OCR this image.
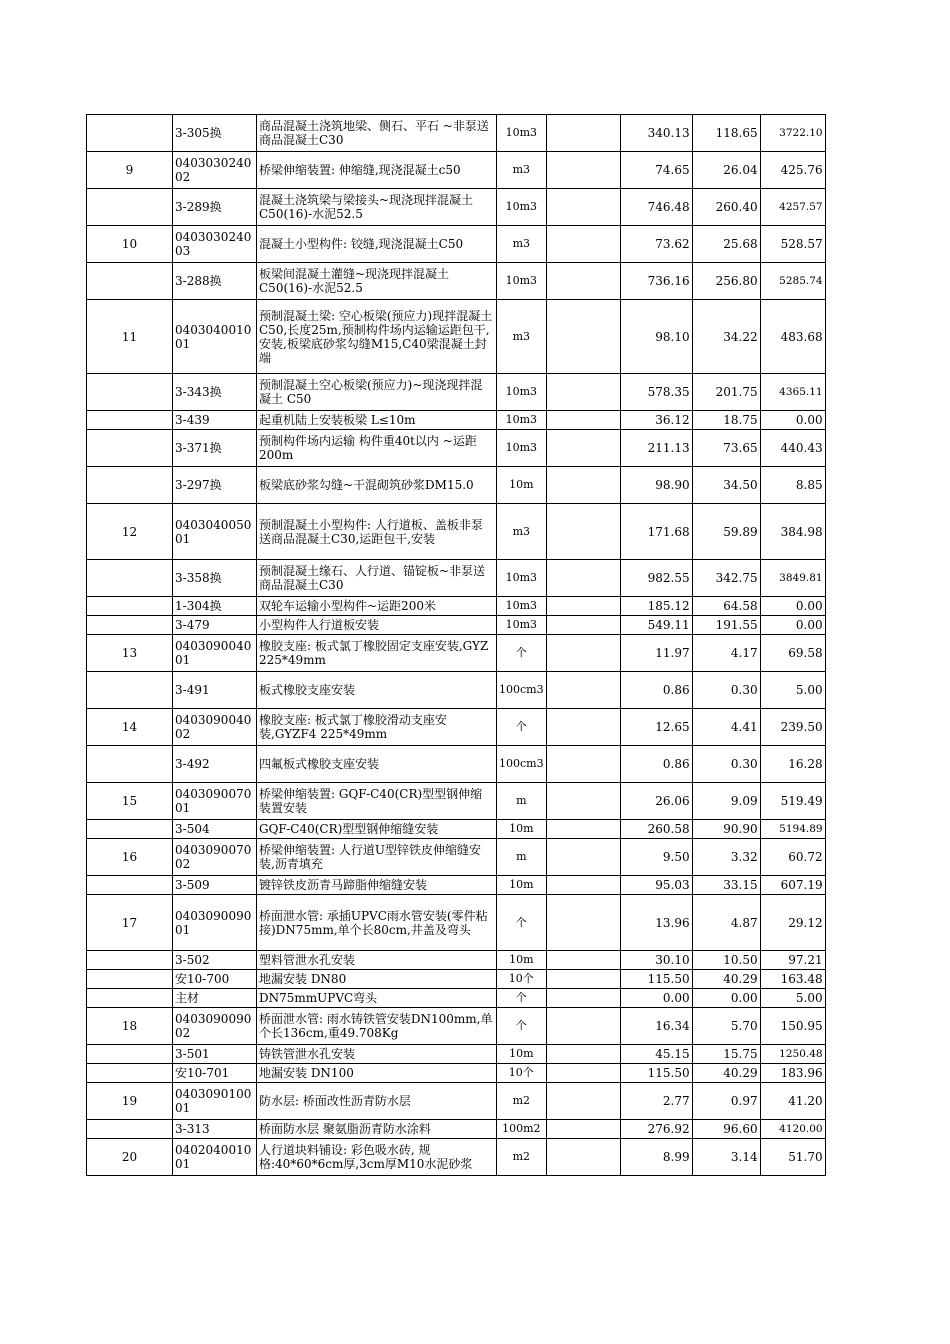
	3-305换	商品混凝土浇筑地梁、侧石、平石 ~非泵送商品混凝土C30	10m3		340.13	118.65	3722.10

9	040303024002	桥梁伸缩装置: 伸缩缝,现浇混凝土c50	m3		74.65	26.04	425.76

	3-289换	混凝土浇筑梁与梁接头~现浇现拌混凝土 C50(16)-水泥52.5	10m3		746.48	260.40	4257.57

10	040303024003	混凝土小型构件: 铰缝,现浇混凝土C50	m3		73.62	25.68	528.57

	3-288换	板梁间混凝土灌缝~现浇现拌混凝土C50(16)-水泥52.5	10m3		736.16	256.80	5285.74

11	040304001001	预制混凝土梁: 空心板梁(预应力)现拌混凝土C50,长度25m,预制构件场内运输运距包干,安装,板梁底砂浆勾缝M15,C40梁混凝土封端	m3		98.10	34.22	483.68

	3-343换	预制混凝土空心板梁(预应力)~现浇现拌混凝土 C50	10m3		578.35	201.75	4365.11

	3-439	起重机陆上安装板梁 L≤10m	10m3		36.12	18.75	0.00

	3-371换	预制构件场内运输 构件重40t以内 ~运距200m	10m3		211.13	73.65	440.43

	3-297换	板梁底砂浆勾缝~干混砌筑砂浆DM15.0	10m		98.90	34.50	8.85

12	040304005001	预制混凝土小型构件: 人行道板、盖板非泵送商品混凝土C30,运距包干,安装	m3		171.68	59.89	384.98

	3-358换	预制混凝土缘石、人行道、锚锭板~非泵送商品混凝土C30	10m3		982.55	342.75	3849.81

	1-304换	双轮车运输小型构件~运距200米	10m3		185.12	64.58	0.00

	3-479	小型构件人行道板安装	10m3		549.11	191.55	0.00

13	040309004001	橡胶支座: 板式氯丁橡胶固定支座安装,GYZ 225*49mm	个		11.97	4.17	69.58

	3-491	板式橡胶支座安装	100cm3		0.86	0.30	5.00

14	040309004002	橡胶支座: 板式氯丁橡胶滑动支座安装,GYZF4 225*49mm	个		12.65	4.41	239.50

	3-492	四氟板式橡胶支座安装	100cm3		0.86	0.30	16.28

15	040309007001	桥梁伸缩装置: GQF-C40(CR)型型钢伸缩装置安装	m		26.06	9.09	519.49

	3-504	GQF-C40(CR)型型钢伸缩缝安装	10m		260.58	90.90	5194.89

16	040309007002	桥梁伸缩装置: 人行道U型锌铁皮伸缩缝安装,沥青填充	m		9.50	3.32	60.72

	3-509	镀锌铁皮沥青马蹄脂伸缩缝安装	10m		95.03	33.15	607.19

17	040309009001	桥面泄水管: 承插UPVC雨水管安装(零件粘接)DN75mm,单个长80cm,井盖及弯头	个		13.96	4.87	29.12

	3-502	塑料管泄水孔安装	10m		30.10	10.50	97.21

	安10-700	地漏安装 DN80	10个		115.50	40.29	163.48

	主材	DN75mmUPVC弯头	个		0.00	0.00	5.00

18	040309009002	桥面泄水管: 雨水铸铁管安装DN100mm,单个长136cm,重49.708Kg	个		16.34	5.70	150.95

	3-501	铸铁管泄水孔安装	10m		45.15	15.75	1250.48

	安10-701	地漏安装 DN100	10个		115.50	40.29	183.96

19	040309010001	防水层: 桥面改性沥青防水层	m2		2.77	0.97	41.20

	3-313	桥面防水层 聚氨脂沥青防水涂料	100m2		276.92	96.60	4120.00

20	040204001001	人行道块料铺设: 彩色吸水砖, 规格:40*60*6cm厚,3cm厚M10水泥砂浆	m2		8.99	3.14	51.70
